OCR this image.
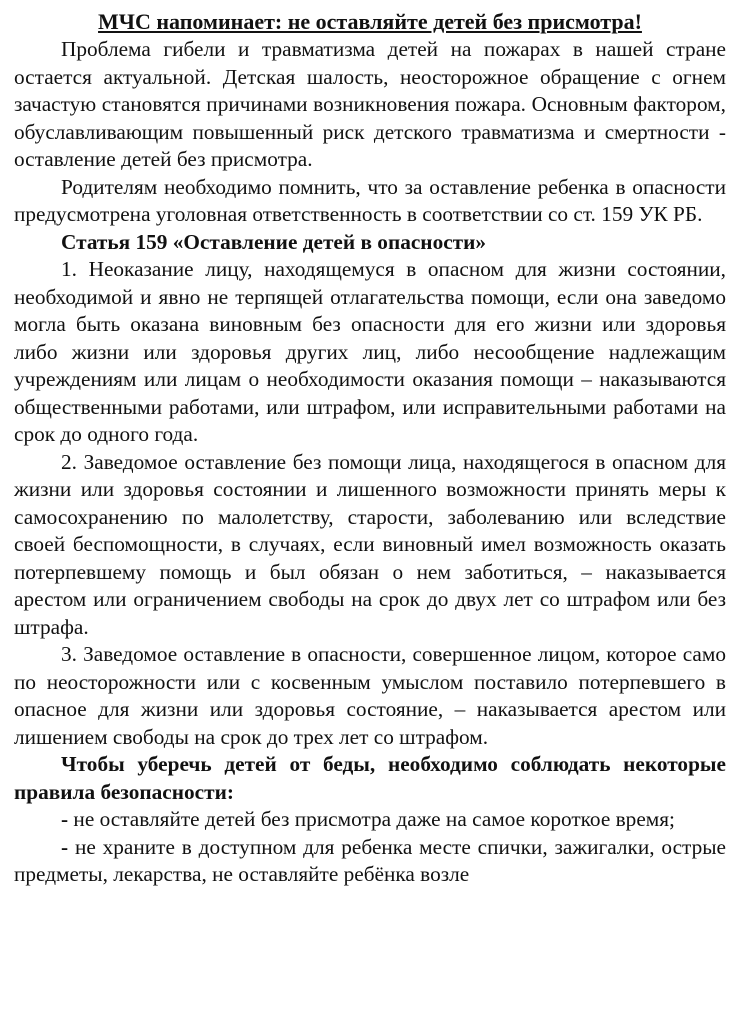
МЧС напоминает: не оставляйте детей без присмотра!

Проблема гибели и травматизма детей на пожарах в нашей стране остается актуальной. Детская шалость, неосторожное обращение с огнем зачастую становятся причинами возникновения пожара. Основным фактором, обуславливающим повышенный риск детского травматизма и смертности - оставление детей без присмотра.

Родителям необходимо помнить, что за оставление ребенка в опасности предусмотрена уголовная ответственность в соответствии со ст. 159 УК РБ.

Статья 159 «Оставление детей в опасности»

1. Неоказание лицу, находящемуся в опасном для жизни состоянии, необходимой и явно не терпящей отлагательства помощи, если она заведомо могла быть оказана виновным без опасности для его жизни или здоровья либо жизни или здоровья других лиц, либо несообщение надлежащим учреждениям или лицам о необходимости оказания помощи – наказываются общественными работами, или штрафом, или исправительными работами на срок до одного года.

2. Заведомое оставление без помощи лица, находящегося в опасном для жизни или здоровья состоянии и лишенного возможности принять меры к самосохранению по малолетству, старости, заболеванию или вследствие своей беспомощности, в случаях, если виновный имел возможность оказать потерпевшему помощь и был обязан о нем заботиться, – наказывается арестом или ограничением свободы на срок до двух лет со штрафом или без штрафа.

3. Заведомое оставление в опасности, совершенное лицом, которое само по неосторожности или с косвенным умыслом поставило потерпевшего в опасное для жизни или здоровья состояние, – наказывается арестом или лишением свободы на срок до трех лет со штрафом.

Чтобы уберечь детей от беды, необходимо соблюдать некоторые правила безопасности:

- не оставляйте детей без присмотра даже на самое короткое время;

- не храните в доступном для ребенка месте спички, зажигалки, острые предметы, лекарства, не оставляйте ребёнка возле
